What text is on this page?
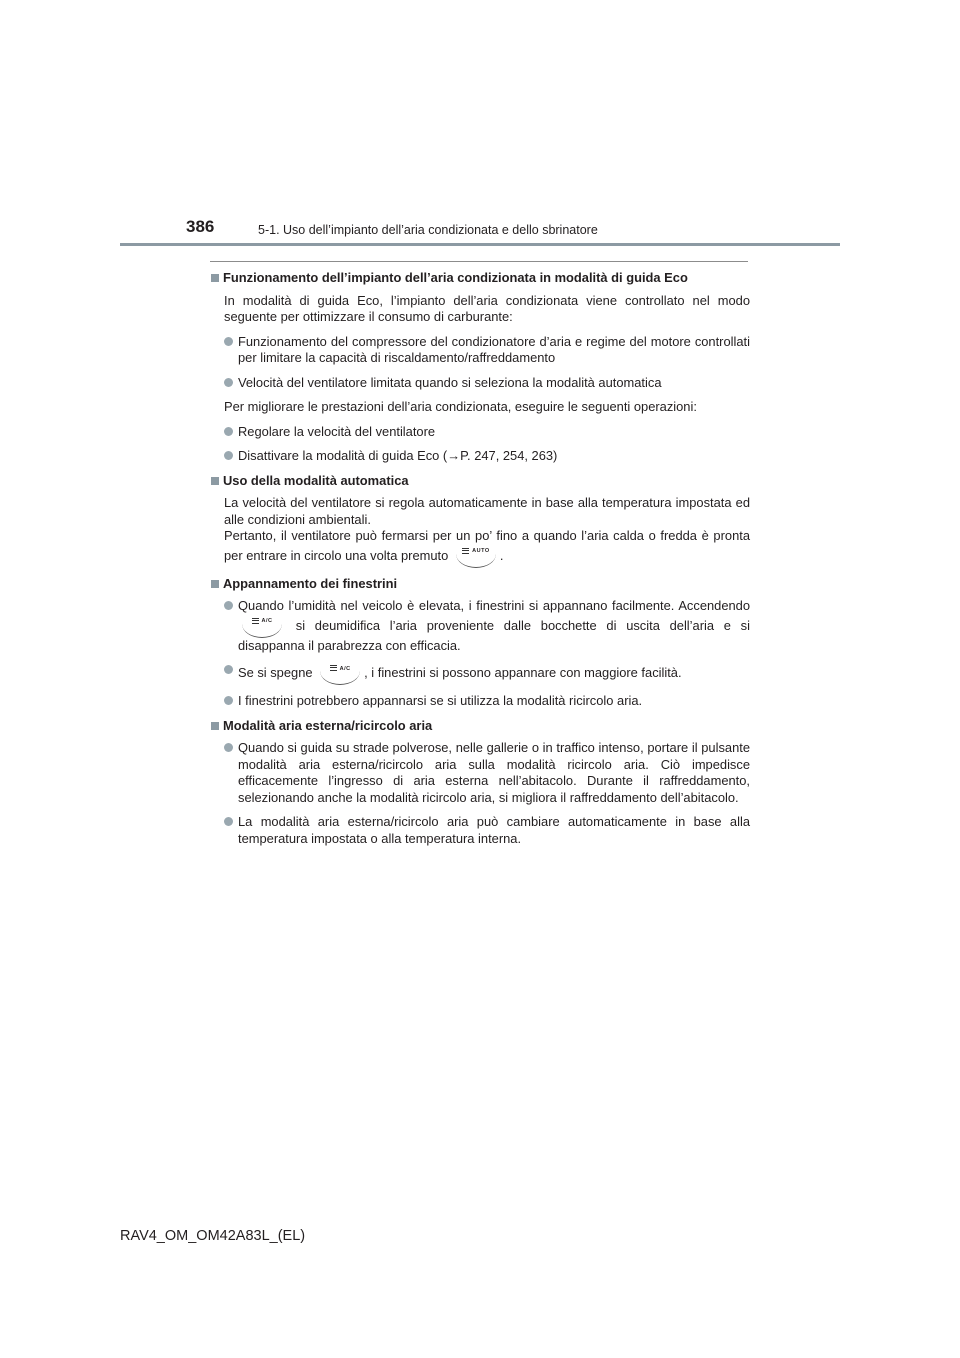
386	5-1. Uso dell’impianto dell’aria condizionata e dello sbrinatore
Funzionamento dell’impianto dell’aria condizionata in modalità di guida Eco
In modalità di guida Eco, l’impianto dell’aria condizionata viene controllato nel modo seguente per ottimizzare il consumo di carburante:
Funzionamento del compressore del condizionatore d’aria e regime del motore controllati per limitare la capacità di riscaldamento/raffreddamento
Velocità del ventilatore limitata quando si seleziona la modalità automatica
Per migliorare le prestazioni dell’aria condizionata, eseguire le seguenti operazioni:
Regolare la velocità del ventilatore
Disattivare la modalità di guida Eco (→P. 247, 254, 263)
Uso della modalità automatica
La velocità del ventilatore si regola automaticamente in base alla temperatura impostata ed alle condizioni ambientali.
Pertanto, il ventilatore può fermarsi per un po’ fino a quando l’aria calda o fredda è pronta per entrare in circolo una volta premuto	AUTO .
Appannamento dei finestrini
Quando l’umidità nel veicolo è elevata, i finestrini si appannano facilmente. Accendendo
A/C	si deumidifica l’aria proveniente dalle bocchette di uscita dell’aria e si disappanna il parabrezza con efficacia.
Se si spegne	A/C	, i finestrini si possono appannare con maggiore facilità.
I finestrini potrebbero appannarsi se si utilizza la modalità ricircolo aria.
Modalità aria esterna/ricircolo aria
Quando si guida su strade polverose, nelle gallerie o in traffico intenso, portare il pulsante modalità aria esterna/ricircolo aria sulla modalità ricircolo aria. Ciò impedisce efficacemente l’ingresso di aria esterna nell’abitacolo. Durante il raffreddamento, selezionando anche la modalità ricircolo aria, si migliora il raffreddamento dell’abitacolo.
La modalità aria esterna/ricircolo aria può cambiare automaticamente in base alla temperatura impostata o alla temperatura interna.
RAV4_OM_OM42A83L_(EL)
